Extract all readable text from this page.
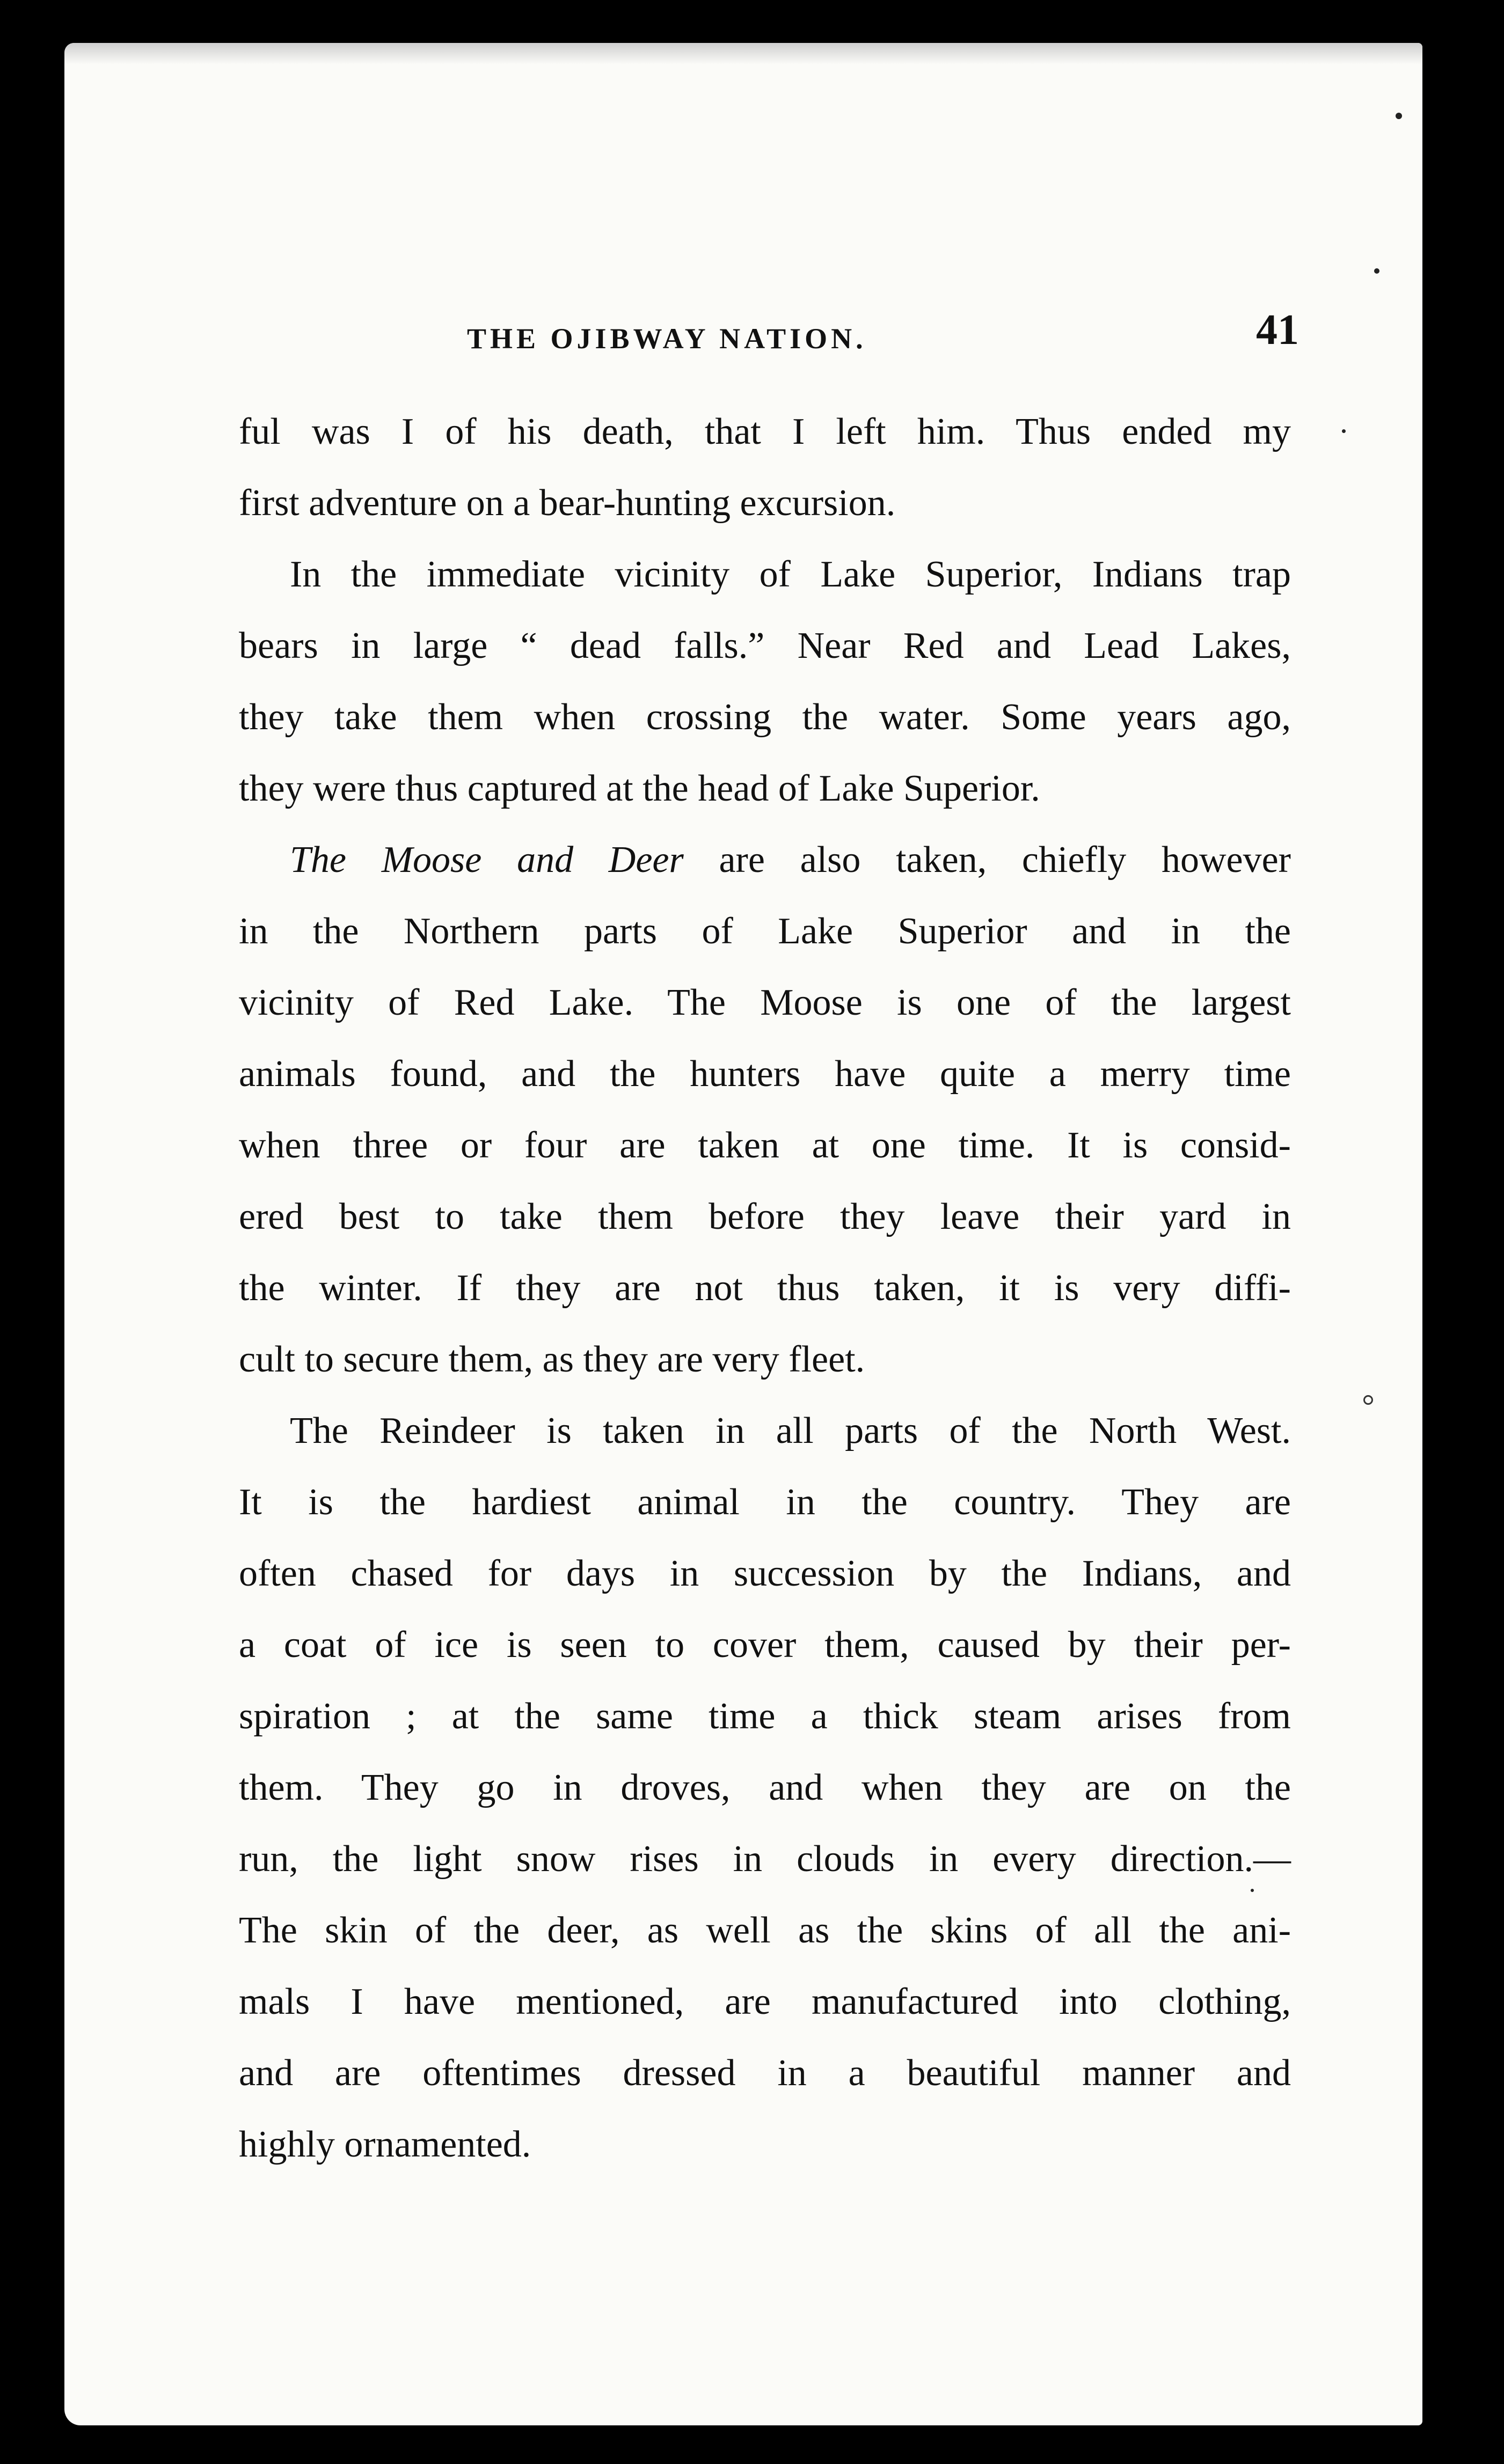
THE OJIBWAY NATION.	41
ful was I of his death, that I left him. Thus ended my
first adventure on a bear-hunting excursion.
In the immediate vicinity of Lake Superior, Indians trap
bears in large “ dead falls.” Near Red and Lead Lakes,
they take them when crossing the water. Some years ago,
they were thus captured at the head of Lake Superior.
The Moose and Deer are also taken, chiefly however
in the Northern parts of Lake Superior and in the
vicinity of Red Lake. The Moose is one of the largest
animals found, and the hunters have quite a merry time
when three or four are taken at one time. It is consid-
ered best to take them before they leave their yard in
the winter. If they are not thus taken, it is very diffi-
cult to secure them, as they are very fleet.
The Reindeer is taken in all parts of the North West.
It is the hardiest animal in the country. They are
often chased for days in succession by the Indians, and
a coat of ice is seen to cover them, caused by their per-
spiration ; at the same time a thick steam arises from
them. They go in droves, and when they are on the
run, the light snow rises in clouds in every direction.—
The skin of the deer, as well as the skins of all the ani-
mals I have mentioned, are manufactured into clothing,
and are oftentimes dressed in a beautiful manner and
highly ornamented.
